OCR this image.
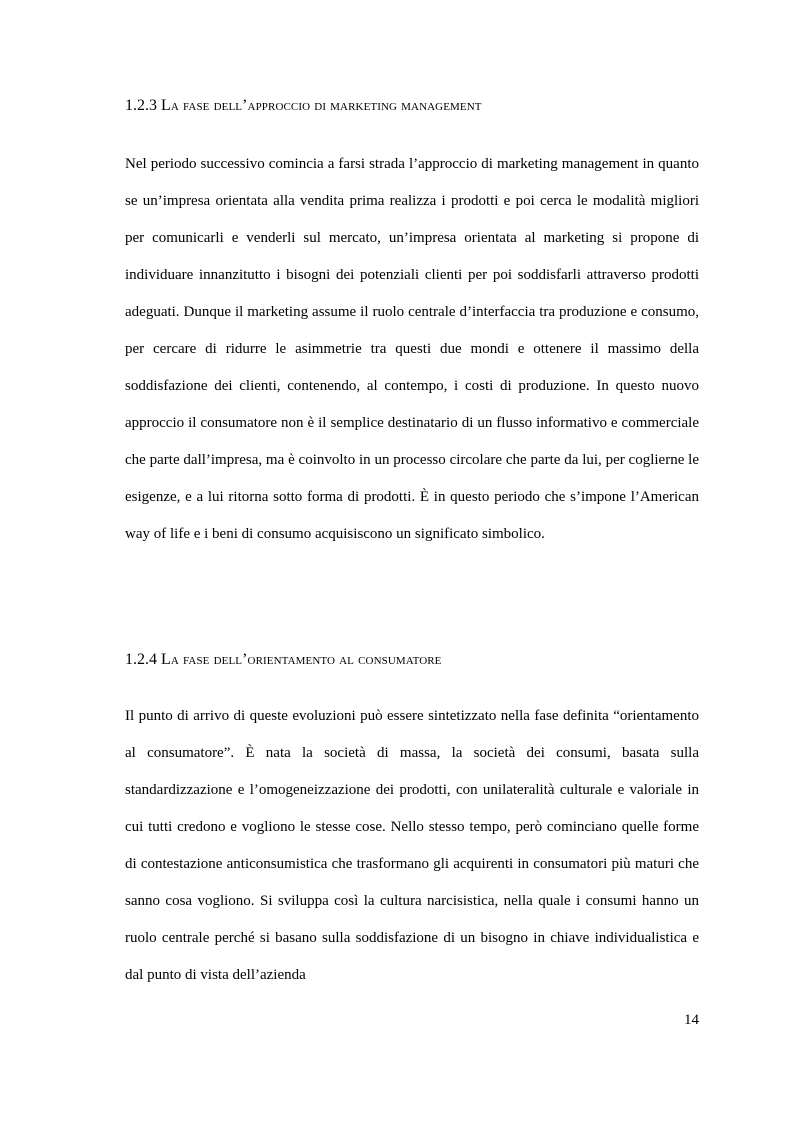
1.2.3 La fase dell’approccio di marketing management

Nel periodo successivo comincia a farsi strada l’approccio di marketing management in quanto se un’impresa orientata alla vendita prima realizza i prodotti e poi cerca le modalità migliori per comunicarli e venderli sul mercato, un’impresa orientata al marketing si propone di individuare innanzitutto i bisogni dei potenziali clienti per poi soddisfarli attraverso prodotti adeguati. Dunque il marketing assume il ruolo centrale d’interfaccia tra produzione e consumo, per cercare di ridurre le asimmetrie tra questi due mondi e ottenere il massimo della soddisfazione dei clienti, contenendo, al contempo, i costi di produzione. In questo nuovo approccio il consumatore non è il semplice destinatario di un flusso informativo e commerciale che parte dall’impresa, ma è coinvolto in un processo circolare che parte da lui, per coglierne le esigenze, e a lui ritorna sotto forma di prodotti. È in questo periodo che s’impone l’American way of life e i beni di consumo acquisiscono un significato simbolico.

1.2.4 La fase dell’orientamento al consumatore

Il punto di arrivo di queste evoluzioni può essere sintetizzato nella fase definita “orientamento al consumatore”. È nata la società di massa, la società dei consumi, basata sulla standardizzazione e l’omogeneizzazione dei prodotti, con unilateralità culturale e valoriale in cui tutti credono e vogliono le stesse cose. Nello stesso tempo, però cominciano quelle forme di contestazione anticonsumistica che trasformano gli acquirenti in consumatori più maturi che sanno cosa vogliono. Si sviluppa così la cultura narcisistica, nella quale i consumi hanno un ruolo centrale perché si basano sulla soddisfazione di un bisogno in chiave individualistica e dal punto di vista dell’azienda

14
